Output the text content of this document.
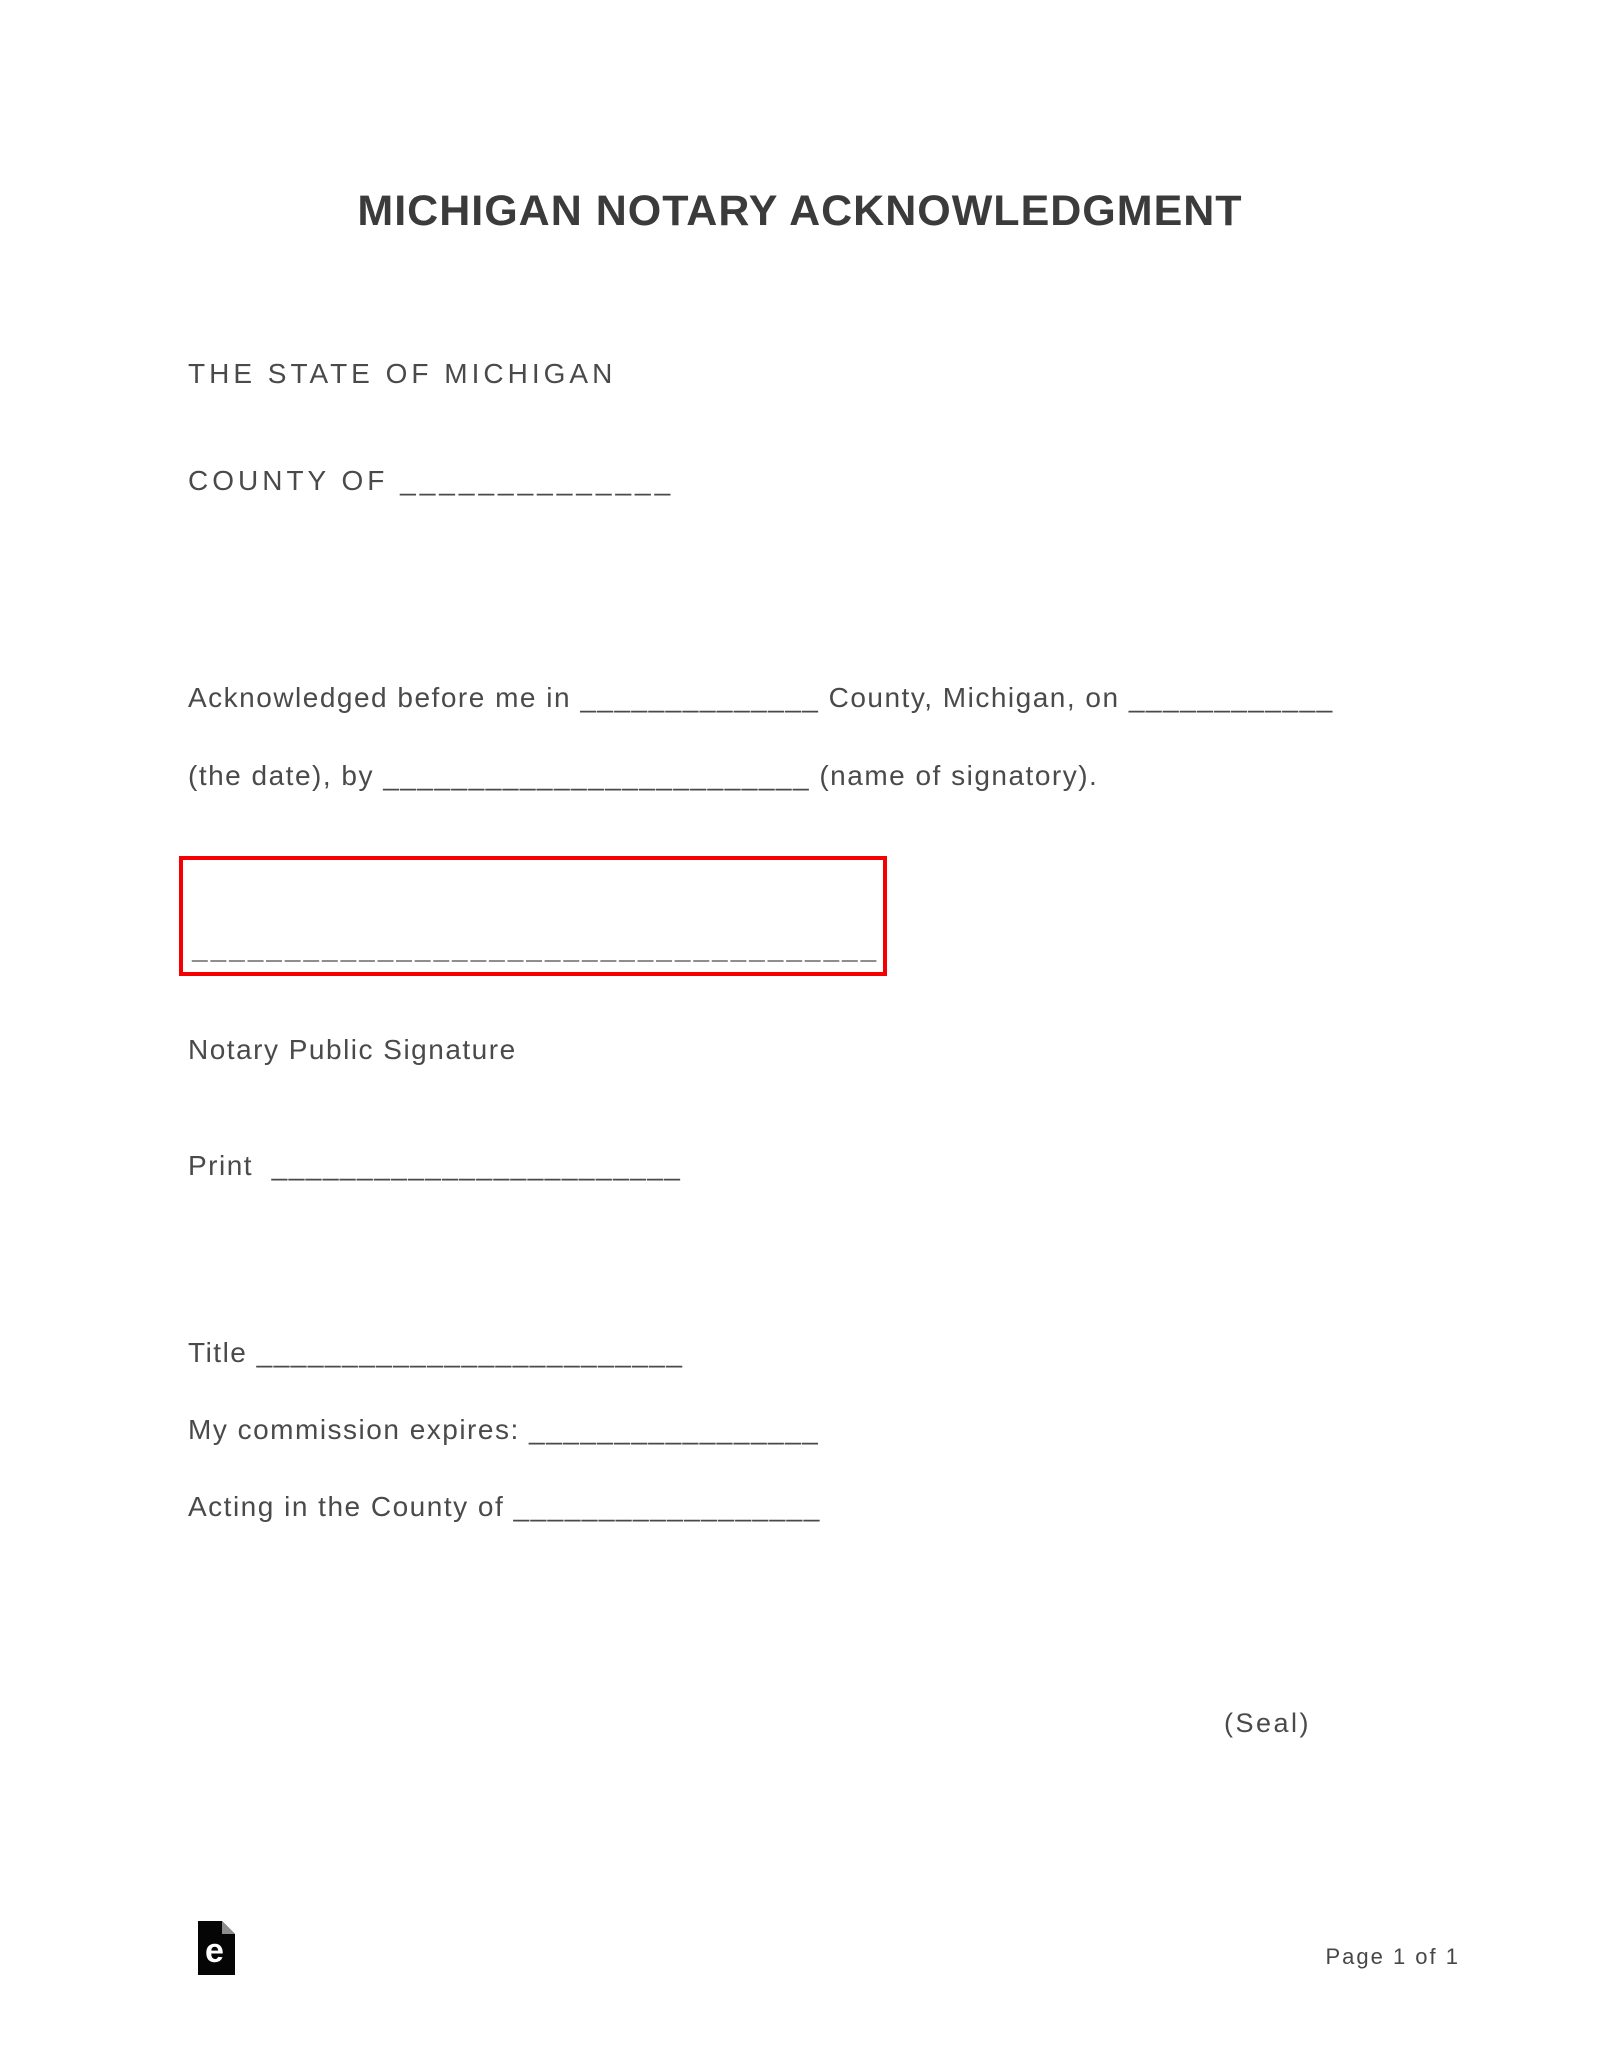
MICHIGAN NOTARY ACKNOWLEDGMENT
THE STATE OF MICHIGAN
COUNTY OF ______________
Acknowledged before me in ______________ County, Michigan, on ____________
(the date), by _________________________ (name of signatory).
_____________________________________
Notary Public Signature
Print  ________________________
Title _________________________
My commission expires: _________________
Acting in the County of __________________
(Seal)
e	Page 1 of 1
